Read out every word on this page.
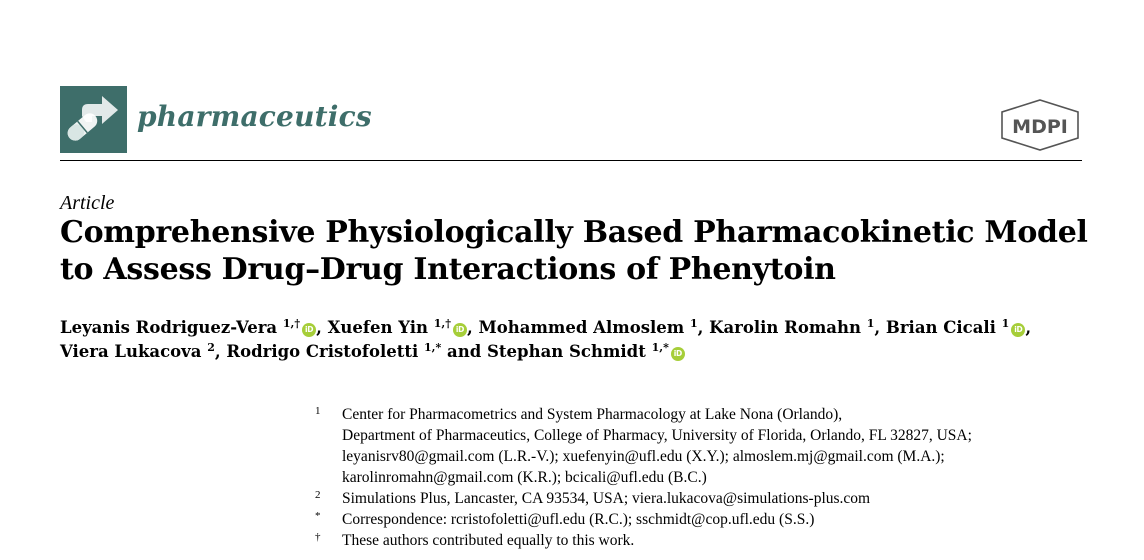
pharmaceutics	MDPI
Article
Comprehensive Physiologically Based Pharmacokinetic Model to Assess Drug–Drug Interactions of Phenytoin
Leyanis Rodriguez-Vera $^{1,\dagger}$ iD , Xuefen Yin $^{1,\dagger}$ iD , Mohammed Almoslem $^1$, Karolin Romahn $^1$, Brian Cicali $^1$ iD ,
Viera Lukacova $^2$, Rodrigo Cristofoletti $^{1,*}$ and Stephan Schmidt $^{1,*}$ iD
1 Center for Pharmacometrics and System Pharmacology at Lake Nona (Orlando),
Department of Pharmaceutics, College of Pharmacy, University of Florida, Orlando, FL 32827, USA;
leyanisrv80@gmail.com (L.R.-V.); xuefenyin@ufl.edu (X.Y.); almoslem.mj@gmail.com (M.A.);
karolinromahn@gmail.com (K.R.); bcicali@ufl.edu (B.C.)
2 Simulations Plus, Lancaster, CA 93534, USA; viera.lukacova@simulations-plus.com
* Correspondence: rcristofoletti@ufl.edu (R.C.); sschmidt@cop.ufl.edu (S.S.)
† These authors contributed equally to this work.
